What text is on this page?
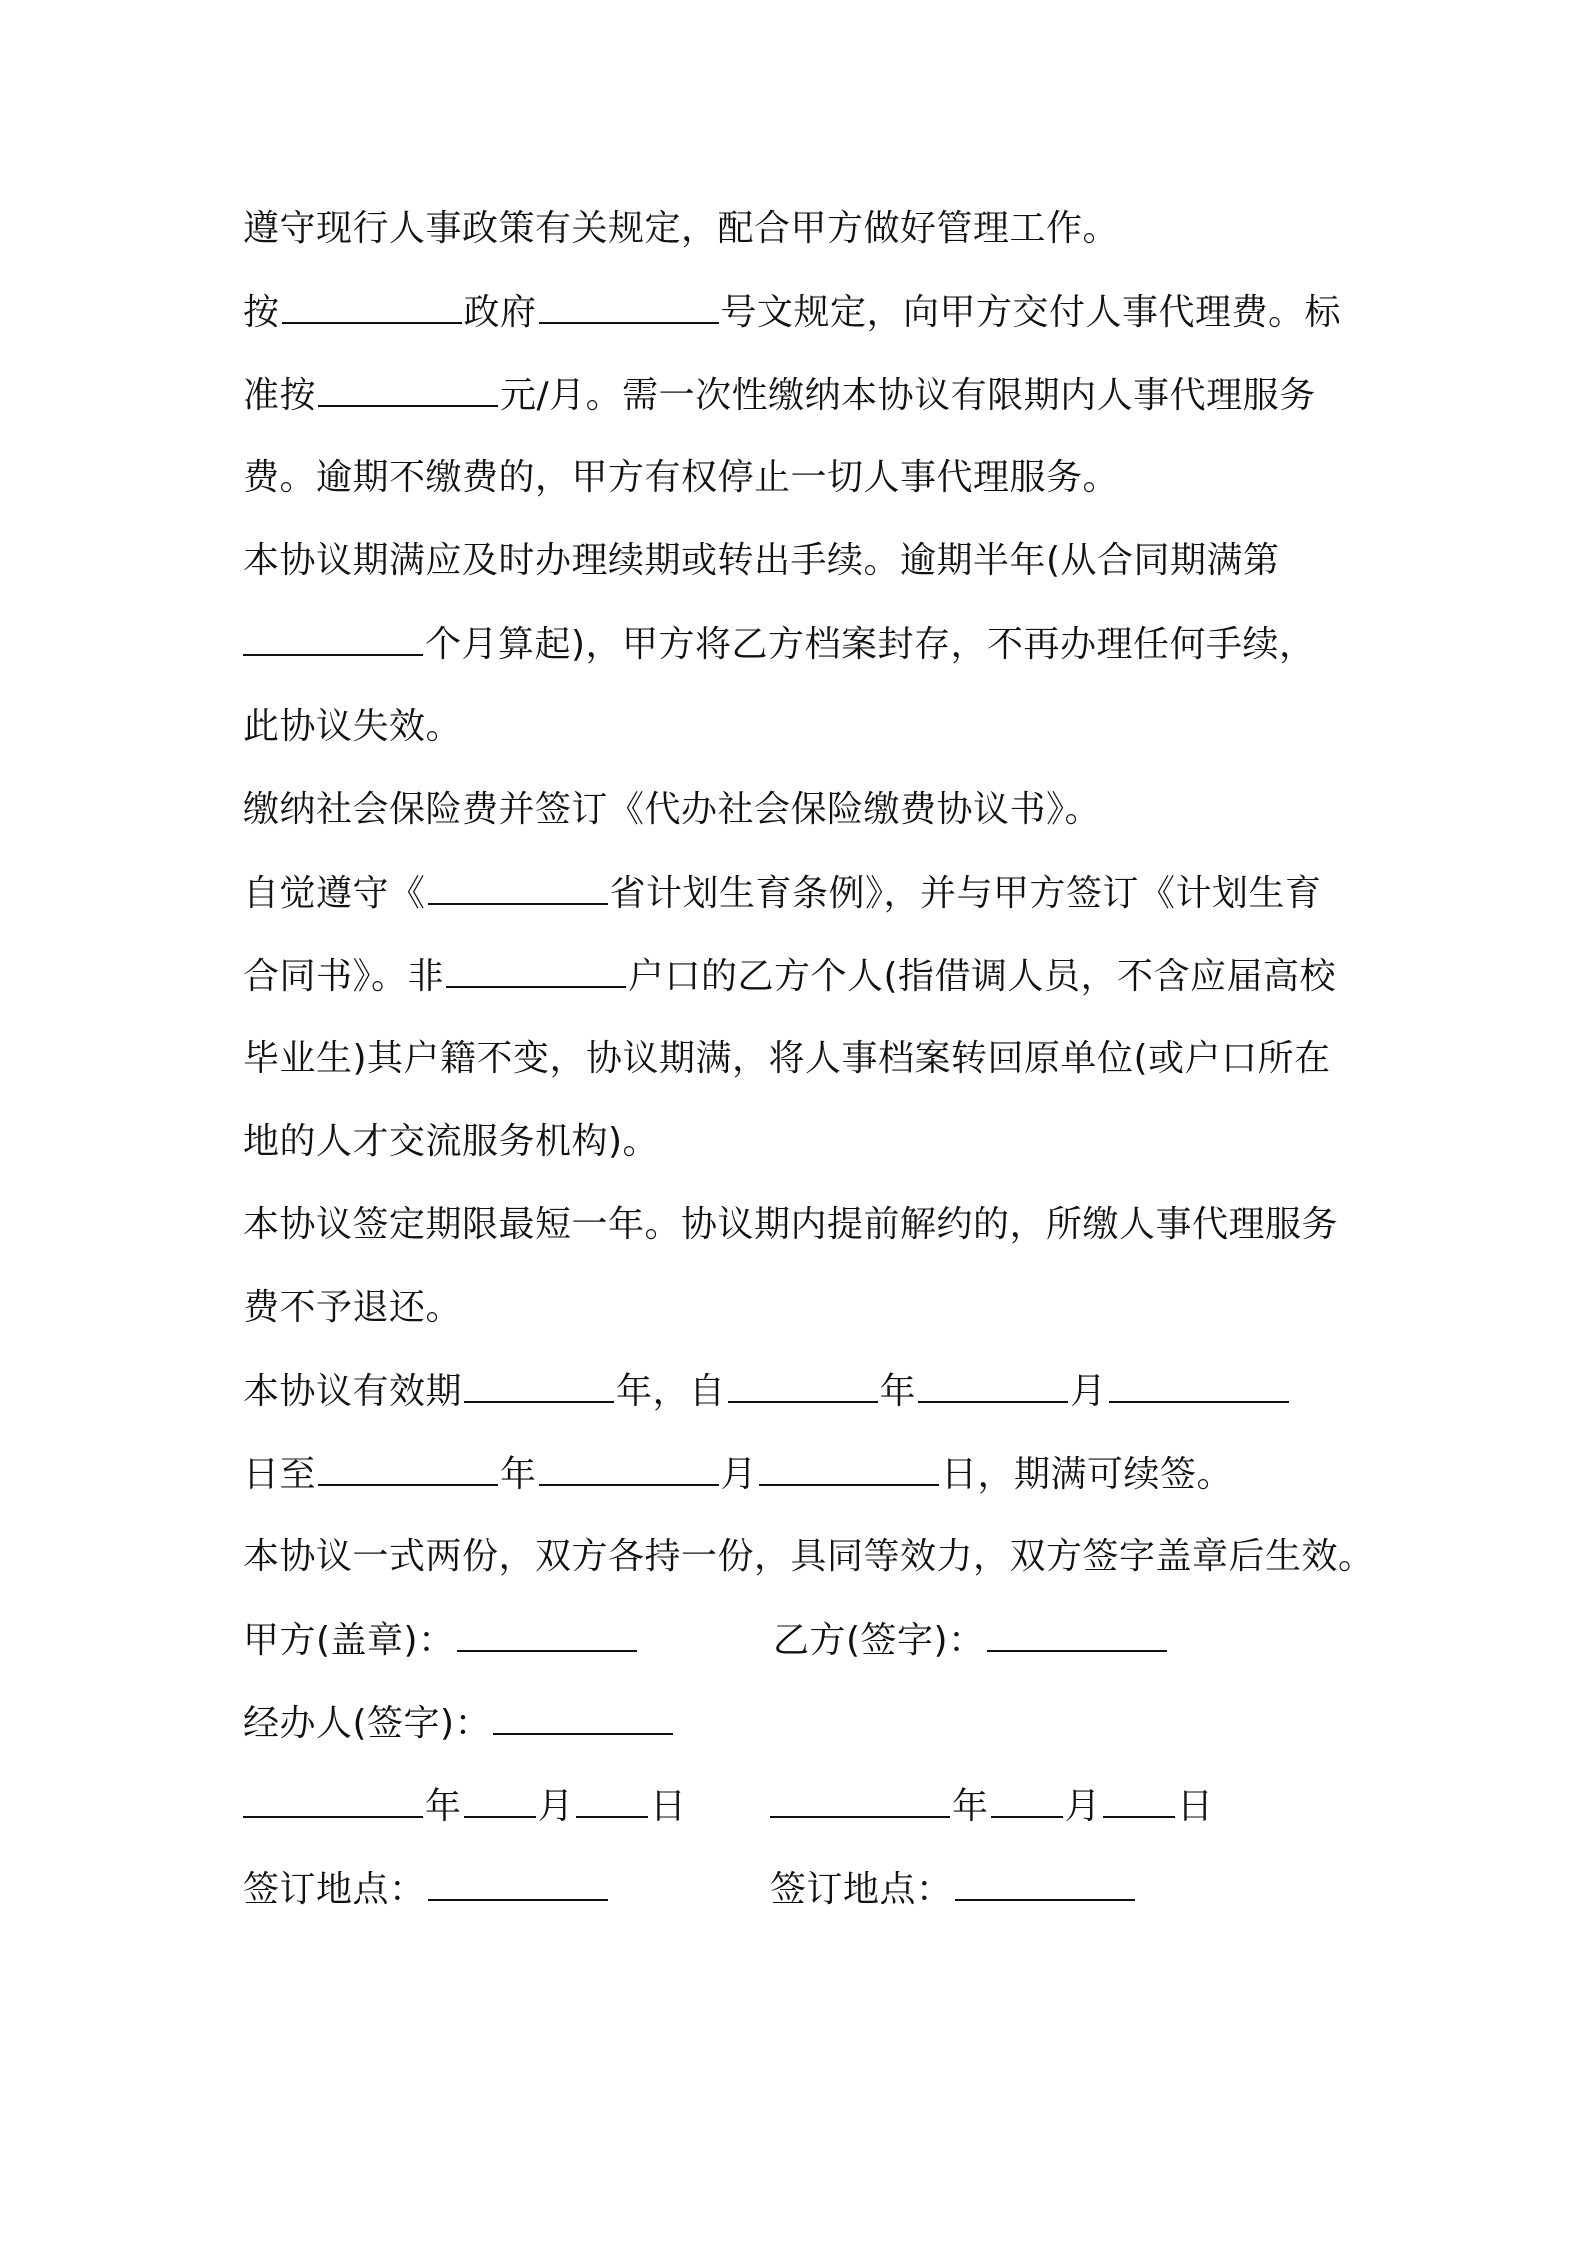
遵守现行人事政策有关规定，配合甲方做好管理工作。
按	政府	号文规定，向甲方交付人事代理费。标
准按	元/月。需一次性缴纳本协议有限期内人事代理服务
费。逾期不缴费的，甲方有权停止一切人事代理服务。
本协议期满应及时办理续期或转出手续。逾期半年(从合同期满第
个月算起)，甲方将乙方档案封存，不再办理任何手续，
此协议失效。
缴纳社会保险费并签订《代办社会保险缴费协议书》。
自觉遵守《	省计划生育条例》，并与甲方签订《计划生育
合同书》。非	户口的乙方个人(指借调人员，不含应届高校
毕业生)其户籍不变，协议期满，将人事档案转回原单位(或户口所在
地的人才交流服务机构)。
本协议签定期限最短一年。协议期内提前解约的，所缴人事代理服务
费不予退还。
本协议有效期	年，自	年	月
日至	年	月	日，期满可续签。
本协议一式两份，双方各持一份，具同等效力，双方签字盖章后生效。
甲方(盖章)：	乙方(签字)：
经办人(签字)：
年 月 日	年 月 日
签订地点：	签订地点：
